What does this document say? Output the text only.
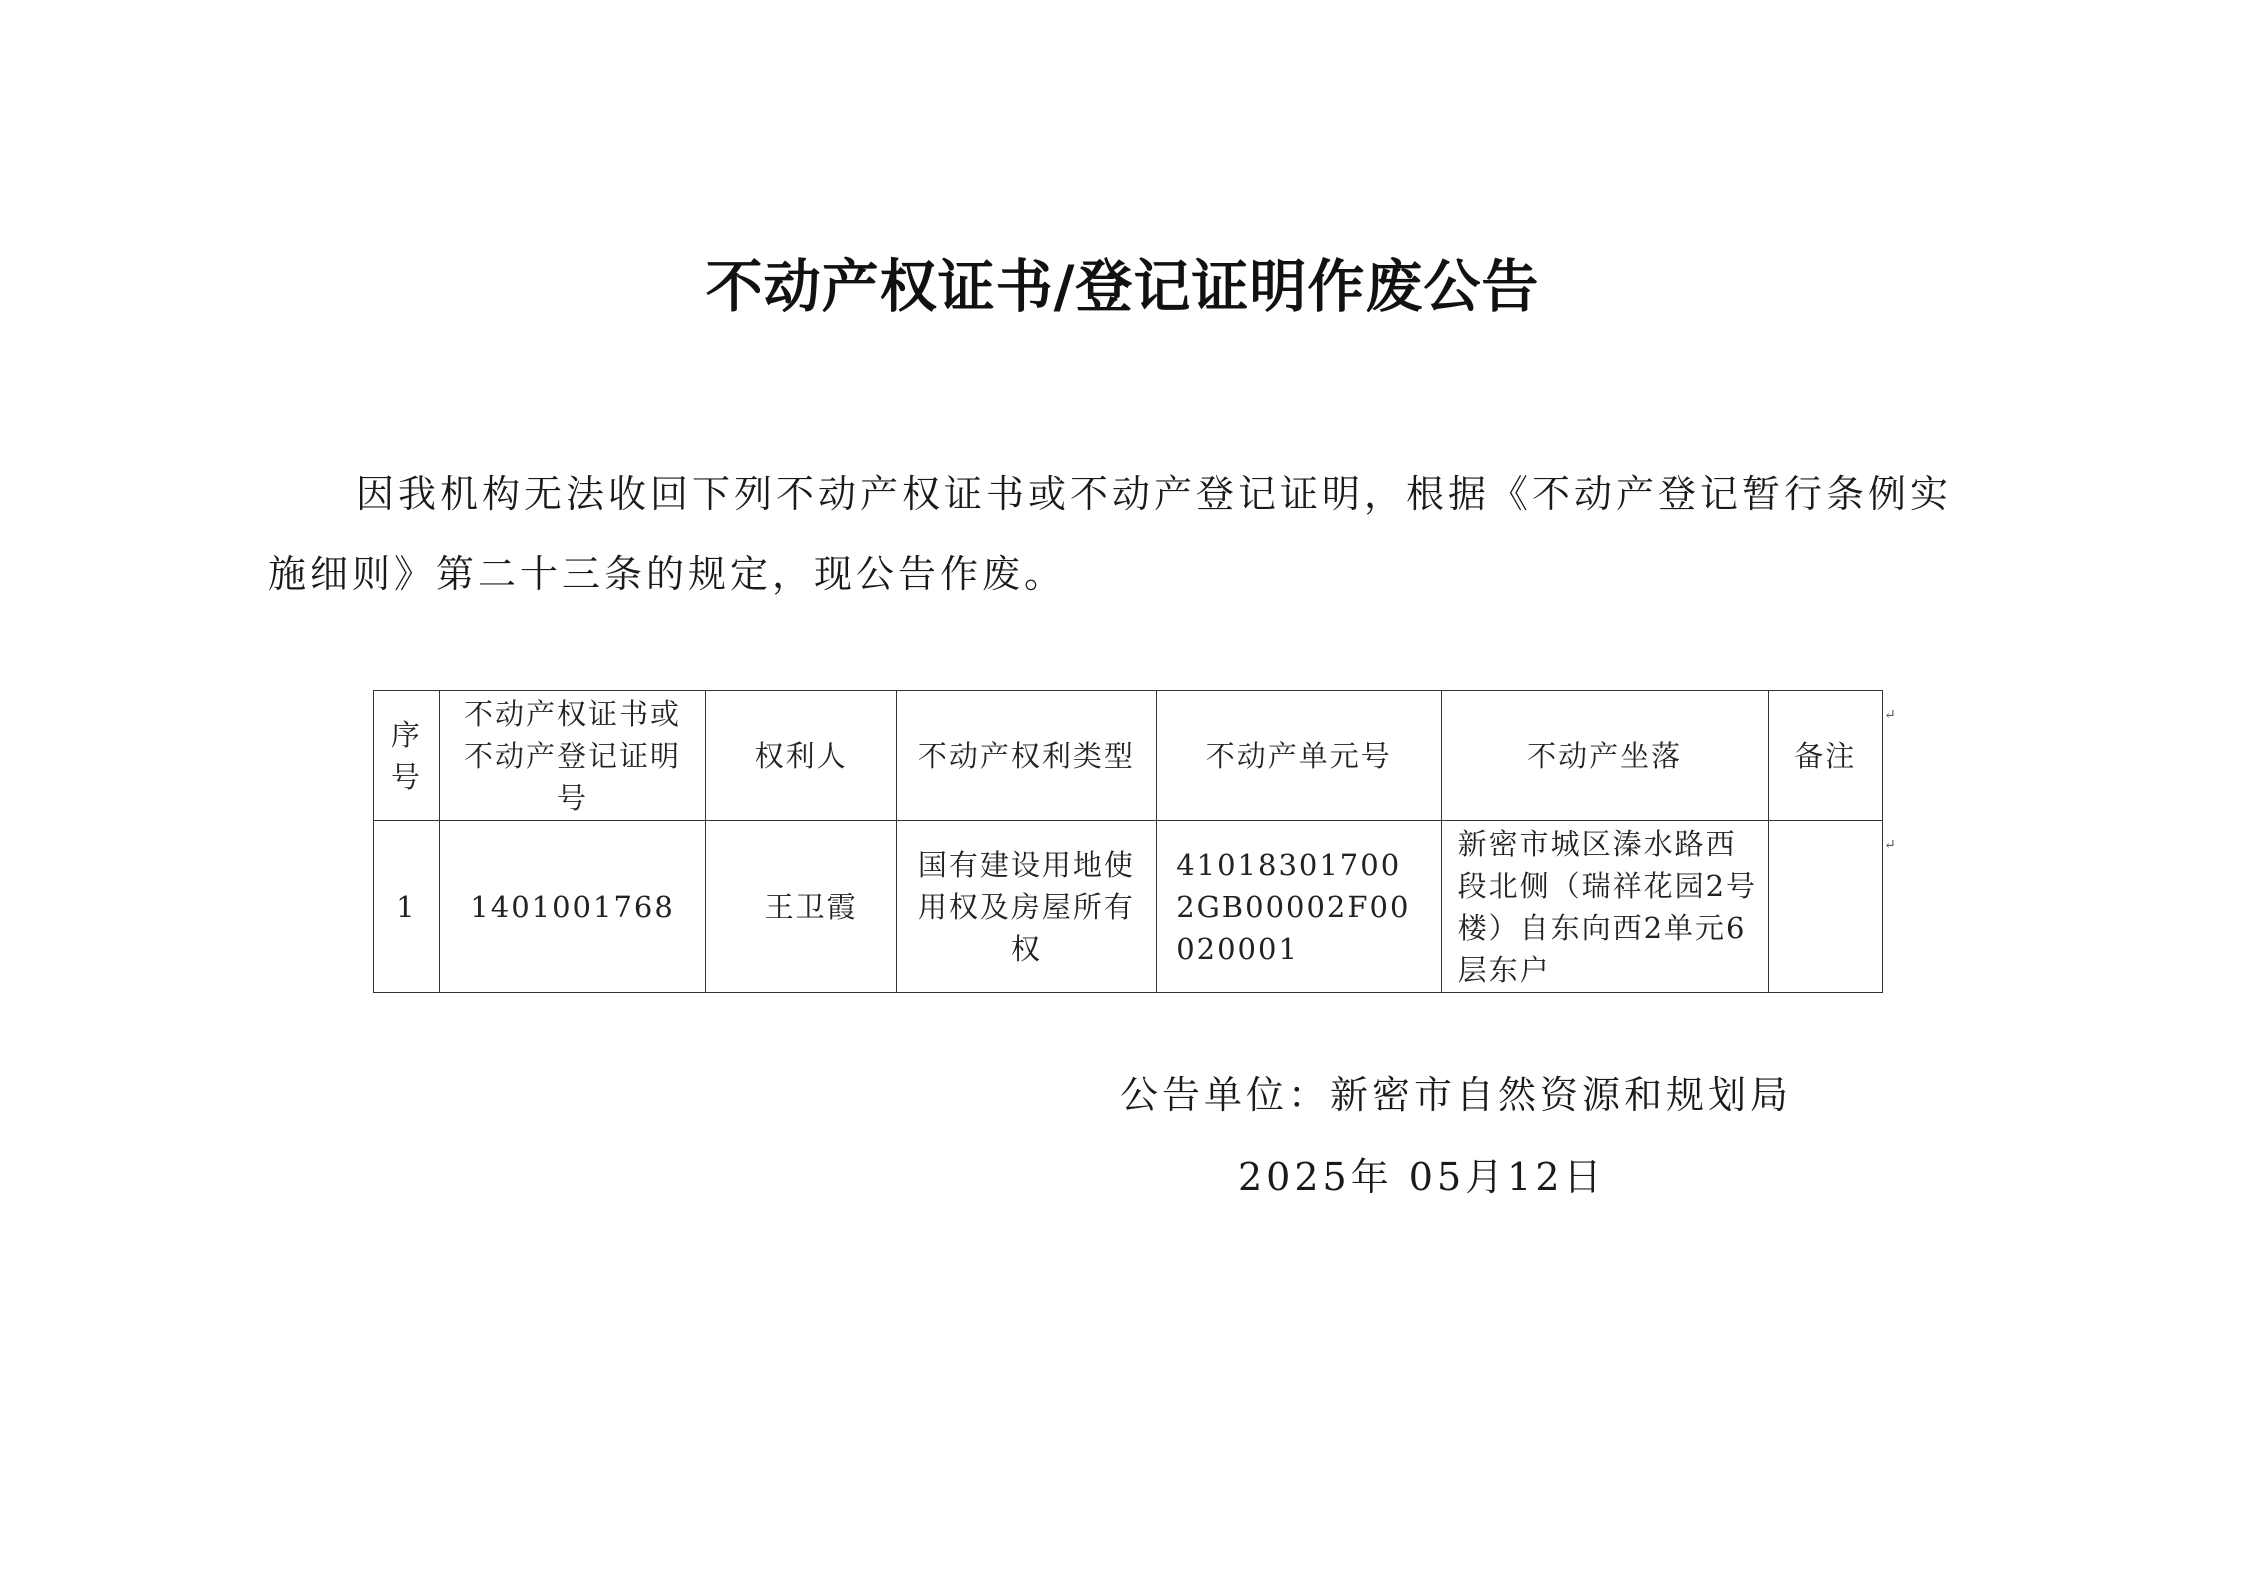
不动产权证书/登记证明作废公告
因我机构无法收回下列不动产权证书或不动产登记证明，根据《不动产登记暂行条例实施细则》第二十三条的规定，现公告作废。
序号	不动产权证书或不动产登记证明号	权利人	不动产权利类型	不动产单元号	不动产坐落	备注
1	1401001768	王卫霞	国有建设用地使用权及房屋所有权	410183017002GB00002F00020001	新密市城区溱水路西段北侧（瑞祥花园2号楼）自东向西2单元6层东户	

↵
↵
公告单位：新密市自然资源和规划局
2025年 05月12日
